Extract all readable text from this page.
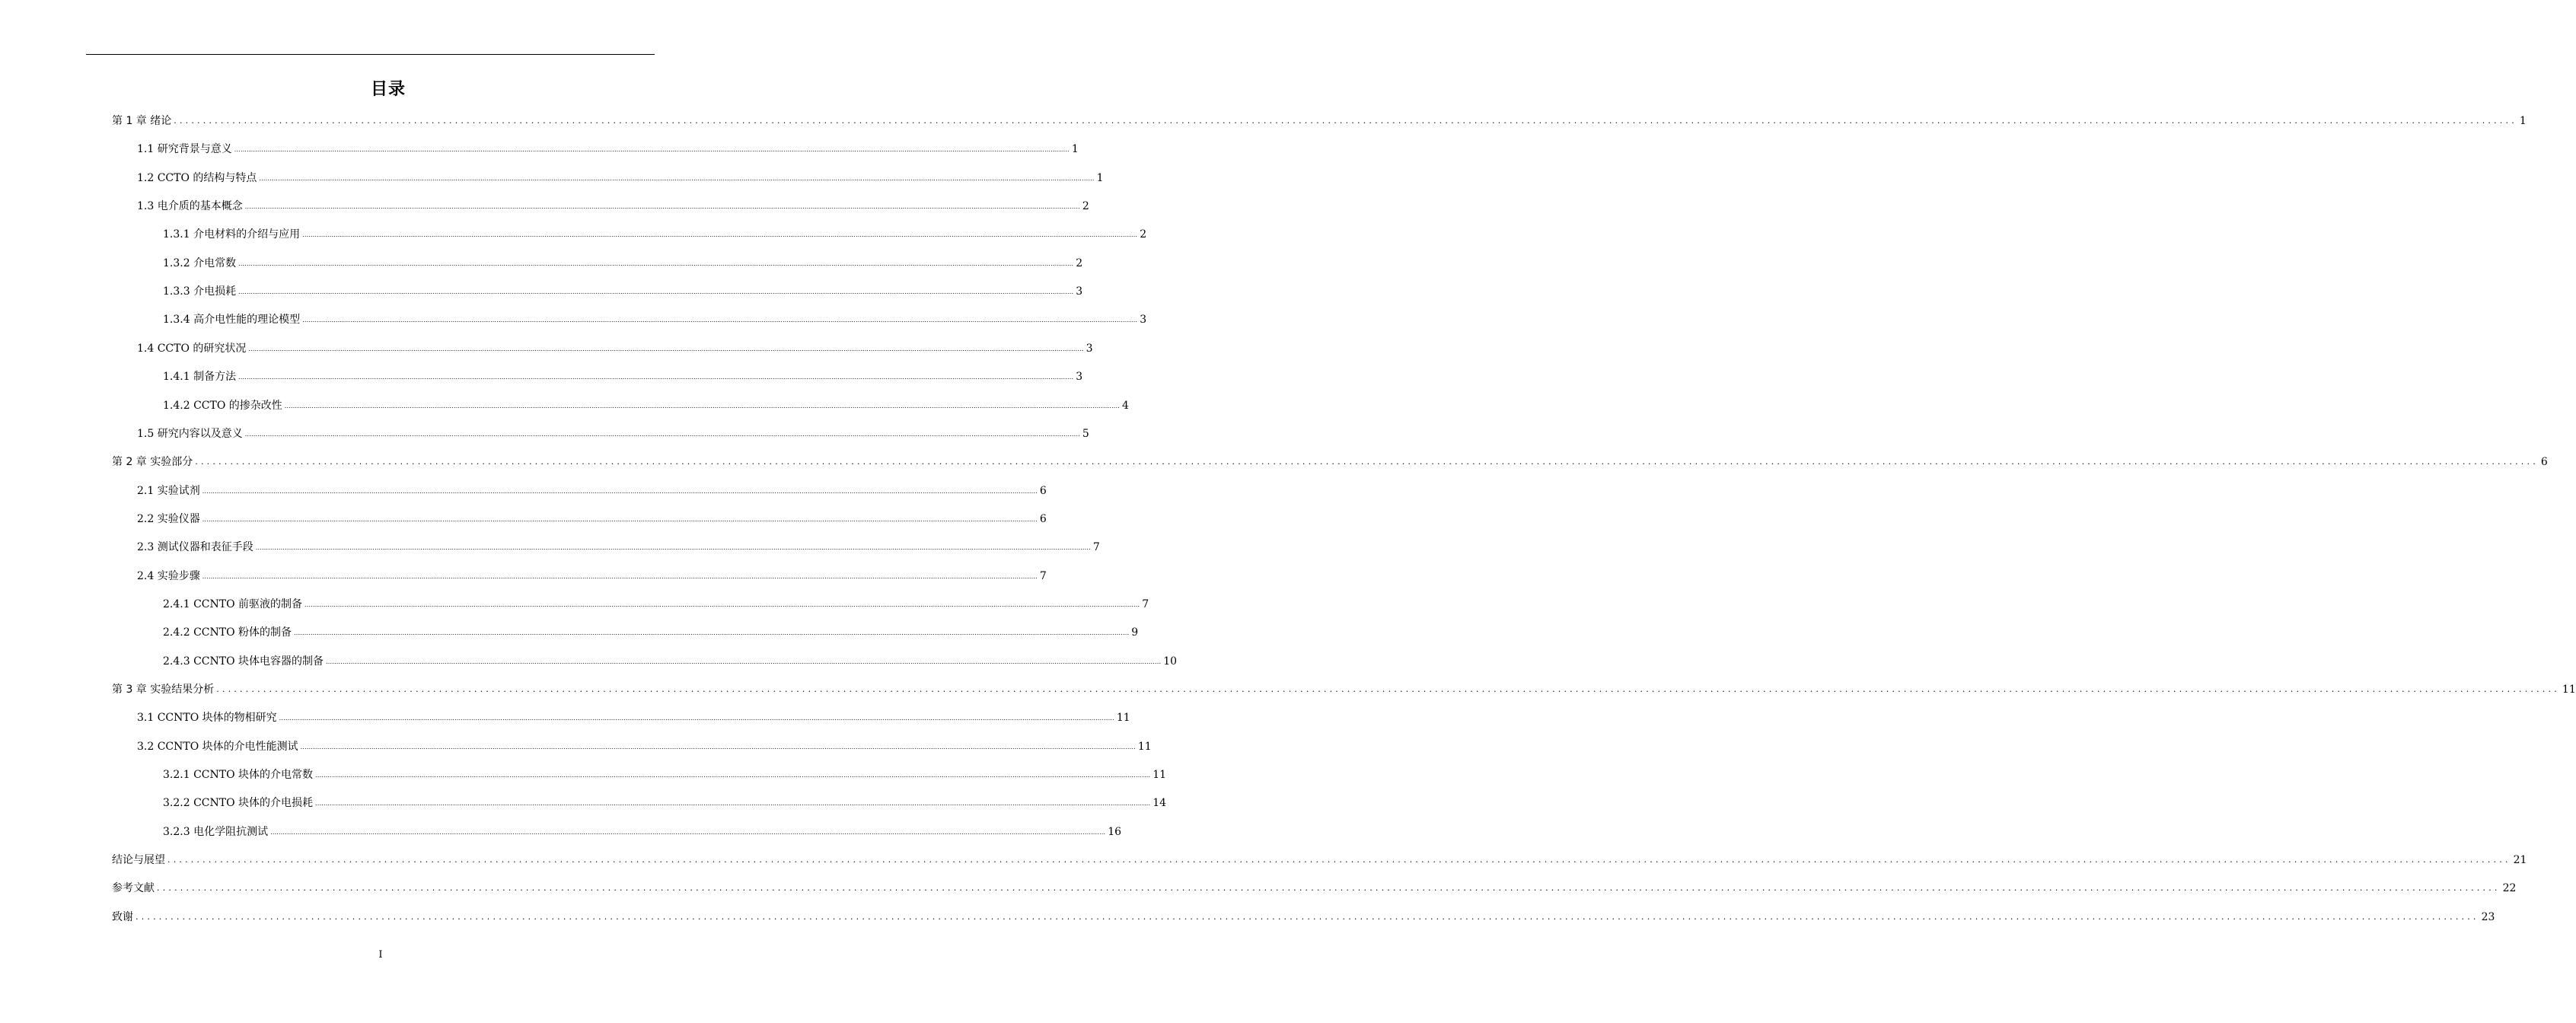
目录
第 1 章 绪论 ................................................................................................................................................................................................................................................................................................................................................................................................................ 1
1.1 研究背景与意义 ................................................................................................................................................................................................................................................................................................................................................................................................................ 1
1.2 CCTO 的结构与特点 ................................................................................................................................................................................................................................................................................................................................................................................................................ 1
1.3 电介质的基本概念 ................................................................................................................................................................................................................................................................................................................................................................................................................ 2
1.3.1 介电材料的介绍与应用 ................................................................................................................................................................................................................................................................................................................................................................................................................ 2
1.3.2 介电常数 ................................................................................................................................................................................................................................................................................................................................................................................................................ 2
1.3.3 介电损耗 ................................................................................................................................................................................................................................................................................................................................................................................................................ 3
1.3.4 高介电性能的理论模型 ................................................................................................................................................................................................................................................................................................................................................................................................................ 3
1.4 CCTO 的研究状况 ................................................................................................................................................................................................................................................................................................................................................................................................................ 3
1.4.1 制备方法 ................................................................................................................................................................................................................................................................................................................................................................................................................ 3
1.4.2 CCTO 的掺杂改性 ................................................................................................................................................................................................................................................................................................................................................................................................................ 4
1.5 研究内容以及意义 ................................................................................................................................................................................................................................................................................................................................................................................................................ 5
第 2 章 实验部分 ................................................................................................................................................................................................................................................................................................................................................................................................................ 6
2.1 实验试剂 ................................................................................................................................................................................................................................................................................................................................................................................................................ 6
2.2 实验仪器 ................................................................................................................................................................................................................................................................................................................................................................................................................ 6
2.3 测试仪器和表征手段 ................................................................................................................................................................................................................................................................................................................................................................................................................ 7
2.4 实验步骤 ................................................................................................................................................................................................................................................................................................................................................................................................................ 7
2.4.1 CCNTO 前驱液的制备 ................................................................................................................................................................................................................................................................................................................................................................................................................ 7
2.4.2 CCNTO 粉体的制备 ................................................................................................................................................................................................................................................................................................................................................................................................................ 9
2.4.3 CCNTO 块体电容器的制备 ................................................................................................................................................................................................................................................................................................................................................................................................................ 10
第 3 章 实验结果分析 ................................................................................................................................................................................................................................................................................................................................................................................................................ 11
3.1 CCNTO 块体的物相研究 ................................................................................................................................................................................................................................................................................................................................................................................................................ 11
3.2 CCNTO 块体的介电性能测试 ................................................................................................................................................................................................................................................................................................................................................................................................................ 11
3.2.1 CCNTO 块体的介电常数 ................................................................................................................................................................................................................................................................................................................................................................................................................ 11
3.2.2 CCNTO 块体的介电损耗 ................................................................................................................................................................................................................................................................................................................................................................................................................ 14
3.2.3 电化学阻抗测试 ................................................................................................................................................................................................................................................................................................................................................................................................................ 16
结论与展望 ................................................................................................................................................................................................................................................................................................................................................................................................................ 21
参考文献 ................................................................................................................................................................................................................................................................................................................................................................................................................ 22
致谢 ................................................................................................................................................................................................................................................................................................................................................................................................................ 23
I
